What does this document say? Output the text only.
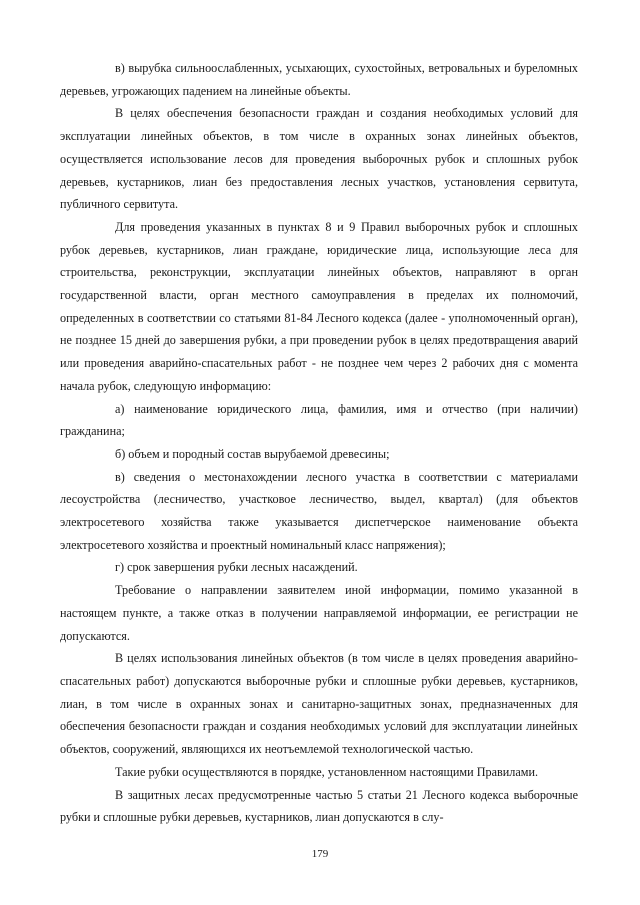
в) вырубка сильноослабленных, усыхающих, сухостойных, ветровальных и буреломных деревьев, угрожающих падением на линейные объекты.

В целях обеспечения безопасности граждан и создания необходимых условий для эксплуатации линейных объектов, в том числе в охранных зонах линейных объектов, осуществляется использование лесов для проведения выборочных рубок и сплошных рубок деревьев, кустарников, лиан без предоставления лесных участков, установления сервитута, публичного сервитута.

Для проведения указанных в пунктах 8 и 9 Правил выборочных рубок и сплошных рубок деревьев, кустарников, лиан граждане, юридические лица, использующие леса для строительства, реконструкции, эксплуатации линейных объектов, направляют в орган государственной власти, орган местного самоуправления в пределах их полномочий, определенных в соответствии со статьями 81-84 Лесного кодекса (далее - уполномоченный орган), не позднее 15 дней до завершения рубки, а при проведении рубок в целях предотвращения аварий или проведения аварийно-спасательных работ - не позднее чем через 2 рабочих дня с момента начала рубок, следующую информацию:

а) наименование юридического лица, фамилия, имя и отчество (при наличии) гражданина;

б) объем и породный состав вырубаемой древесины;

в) сведения о местонахождении лесного участка в соответствии с материалами лесоустройства (лесничество, участковое лесничество, выдел, квартал) (для объектов электросетевого хозяйства также указывается диспетчерское наименование объекта электросетевого хозяйства и проектный номинальный класс напряжения);

г) срок завершения рубки лесных насаждений.

Требование о направлении заявителем иной информации, помимо указанной в настоящем пункте, а также отказ в получении направляемой информации, ее регистрации не допускаются.

В целях использования линейных объектов (в том числе в целях проведения аварийно-спасательных работ) допускаются выборочные рубки и сплошные рубки деревьев, кустарников, лиан, в том числе в охранных зонах и санитарно-защитных зонах, предназначенных для обеспечения безопасности граждан и создания необходимых условий для эксплуатации линейных объектов, сооружений, являющихся их неотъемлемой технологической частью.

Такие рубки осуществляются в порядке, установленном настоящими Правилами.

В защитных лесах предусмотренные частью 5 статьи 21 Лесного кодекса выборочные рубки и сплошные рубки деревьев, кустарников, лиан допускаются в слу-

179
